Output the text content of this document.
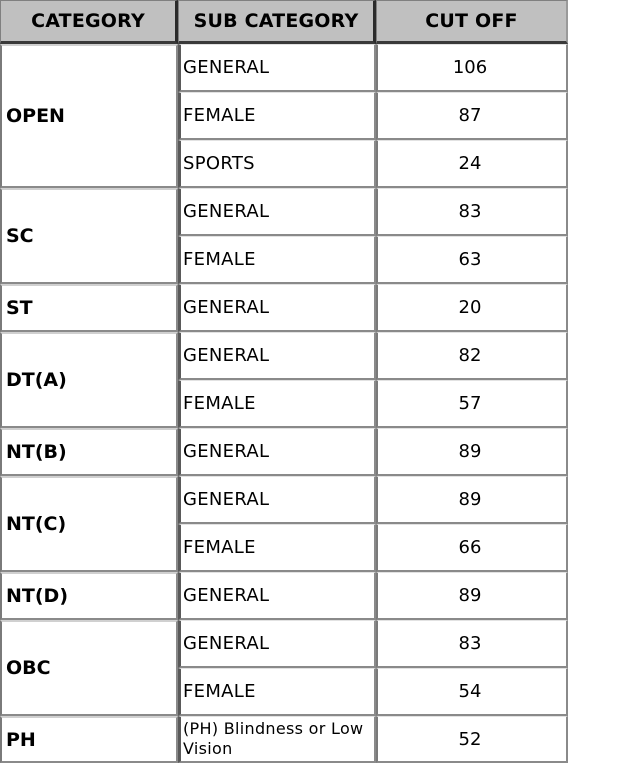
CATEGORY	SUB CATEGORY	CUT OFF
OPEN	GENERAL	106
	FEMALE	87
	SPORTS	24
SC	GENERAL	83
	FEMALE	63
ST	GENERAL	20
DT(A)	GENERAL	82
	FEMALE	57
NT(B)	GENERAL	89
NT(C)	GENERAL	89
	FEMALE	66
NT(D)	GENERAL	89
OBC	GENERAL	83
	FEMALE	54
PH	(PH) Blindness or Low Vision	52
